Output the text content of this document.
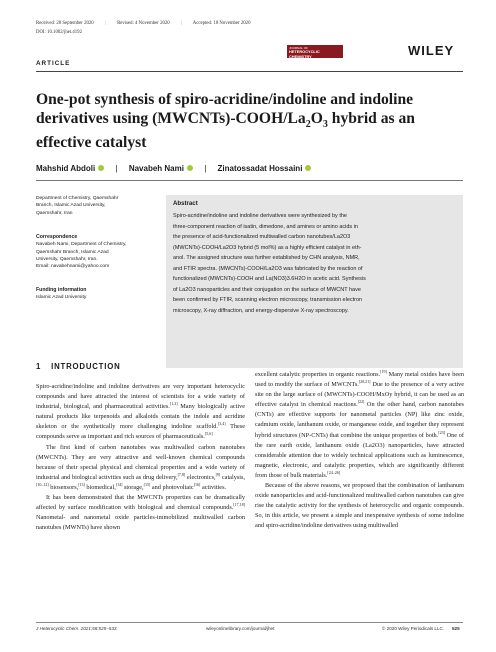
Received: 28 September 2020 | Revised: 4 November 2020 | Accepted: 18 November 2020
DOI: 10.1002/jhet.4192
ARTICLE
JOURNAL OF
HETEROCYCLIC
CHEMISTRY	WILEY
One-pot synthesis of spiro-acridine/indoline and indoline
derivatives using $(MWCNTs)-COOH/La_2O_3$ hybrid as an
effective catalyst
Mahshid Abdoli	| Navabeh Nami	| Zinatossadat Hossaini
Department of Chemistry, Qaemshahr
Branch, Islamic Azad University,
Qaemshahr, Iran
Correspondence
Navabeh Nami, Department of Chemistry,
Qaemshahr Branch, Islamic Azad
University, Qaemshahr, Iran.
Email: navabehnami@yahoo.com
Funding information
Islamic Azad University
Abstract
Spiro-acridine/indoline and indoline derivatives were synthesized by the
three-component reaction of isatin, dimedone, and amines or amino acids in
the presence of acid-functionalized multiwalled carbon nanotubes/La2O3
(MWCNTs)-COOH/La2O3 hybrid (5 mol%) as a highly efficient catalyst in eth-
anol. The assigned structure was further established by CHN analysis, NMR,
and FTIR spectra. (MWCNTs)-COOH/La2O3 was fabricated by the reaction of
functionalized (MWCNTs)-COOH and La(NO3)3.6H2O in acetic acid. Synthesis
of La2O3 nanoparticles and their conjugation on the surface of MWCNT have
been confirmed by FTIR, scanning electron microscopy, transmission electron
microscopy, X-ray diffraction, and energy-dispersive X-ray spectroscopy.
1 INTRODUCTION

Spiro-acridine/indoline and indoline derivatives are very important heterocyclic compounds and have attracted the interest of scientists for a wide variety of industrial, biological, and pharmaceutical activities.[1,2] Many biologically active natural products like terpenoids and alkaloids contain the indole and acridine skeleton or the synthetically more challenging indoline scaffold.[3,4] These compounds serve as important and rich sources of pharmaceuticals.[5,6]

The first kind of carbon nanotubes was multiwalled carbon nanotubes (MWCNTs). They are very attractive and well-known chemical compounds because of their special physical and chemical properties and a wide variety of industrial and biological activities such as drug delivery,[7,8] electronics,[9] catalysis,[10–12] biosensors,[13] biomedical,[14] storage,[15] and photovoltaic[16] activities.

It has been demonstrated that the MWCNTs properties can be dramatically affected by surface modification with biological and chemical compounds.[17,18] Nanometal- and nanometal oxide particles-immobilized multiwalled carbon nanotubes (MWNTs) have shown

excellent catalytic properties in organic reactions.[19] Many metal oxides have been used to modify the surface of MWCNTs.[20,21] Due to the presence of a very active site on the large surface of (MWCNTs)-COOH/MxOy hybrid, it can be used as an effective catalyst in chemical reactions.[22] On the other hand, carbon nanotubes (CNTs) are effective supports for nanometal particles (NP) like zinc oxide, cadmium oxide, lanthanum oxide, or manganese oxide, and together they represent hybrid structures (NP-CNTs) that combine the unique properties of both.[23] One of the rare earth oxide, lanthanum oxide (La2O3) nanoparticles, have attracted considerable attention due to widely technical applications such as luminescence, magnetic, electronic, and catalytic properties, which are significantly different from those of bulk materials.[24–26]

Because of the above reasons, we proposed that the combination of lanthanum oxide nanoparticles and acid-functionalized multiwalled carbon nanotubes can give rise the catalytic activity for the synthesis of heterocyclic and organic compounds. So, in this article, we present a simple and inexpensive synthesis of some indoline and spiro-acridine/indoline derivatives using multiwalled

J Heterocyclic Chem. 2021;58:525–533.	wileyonlinelibrary.com/journal/jhet	© 2020 Wiley Periodicals LLC. 525
